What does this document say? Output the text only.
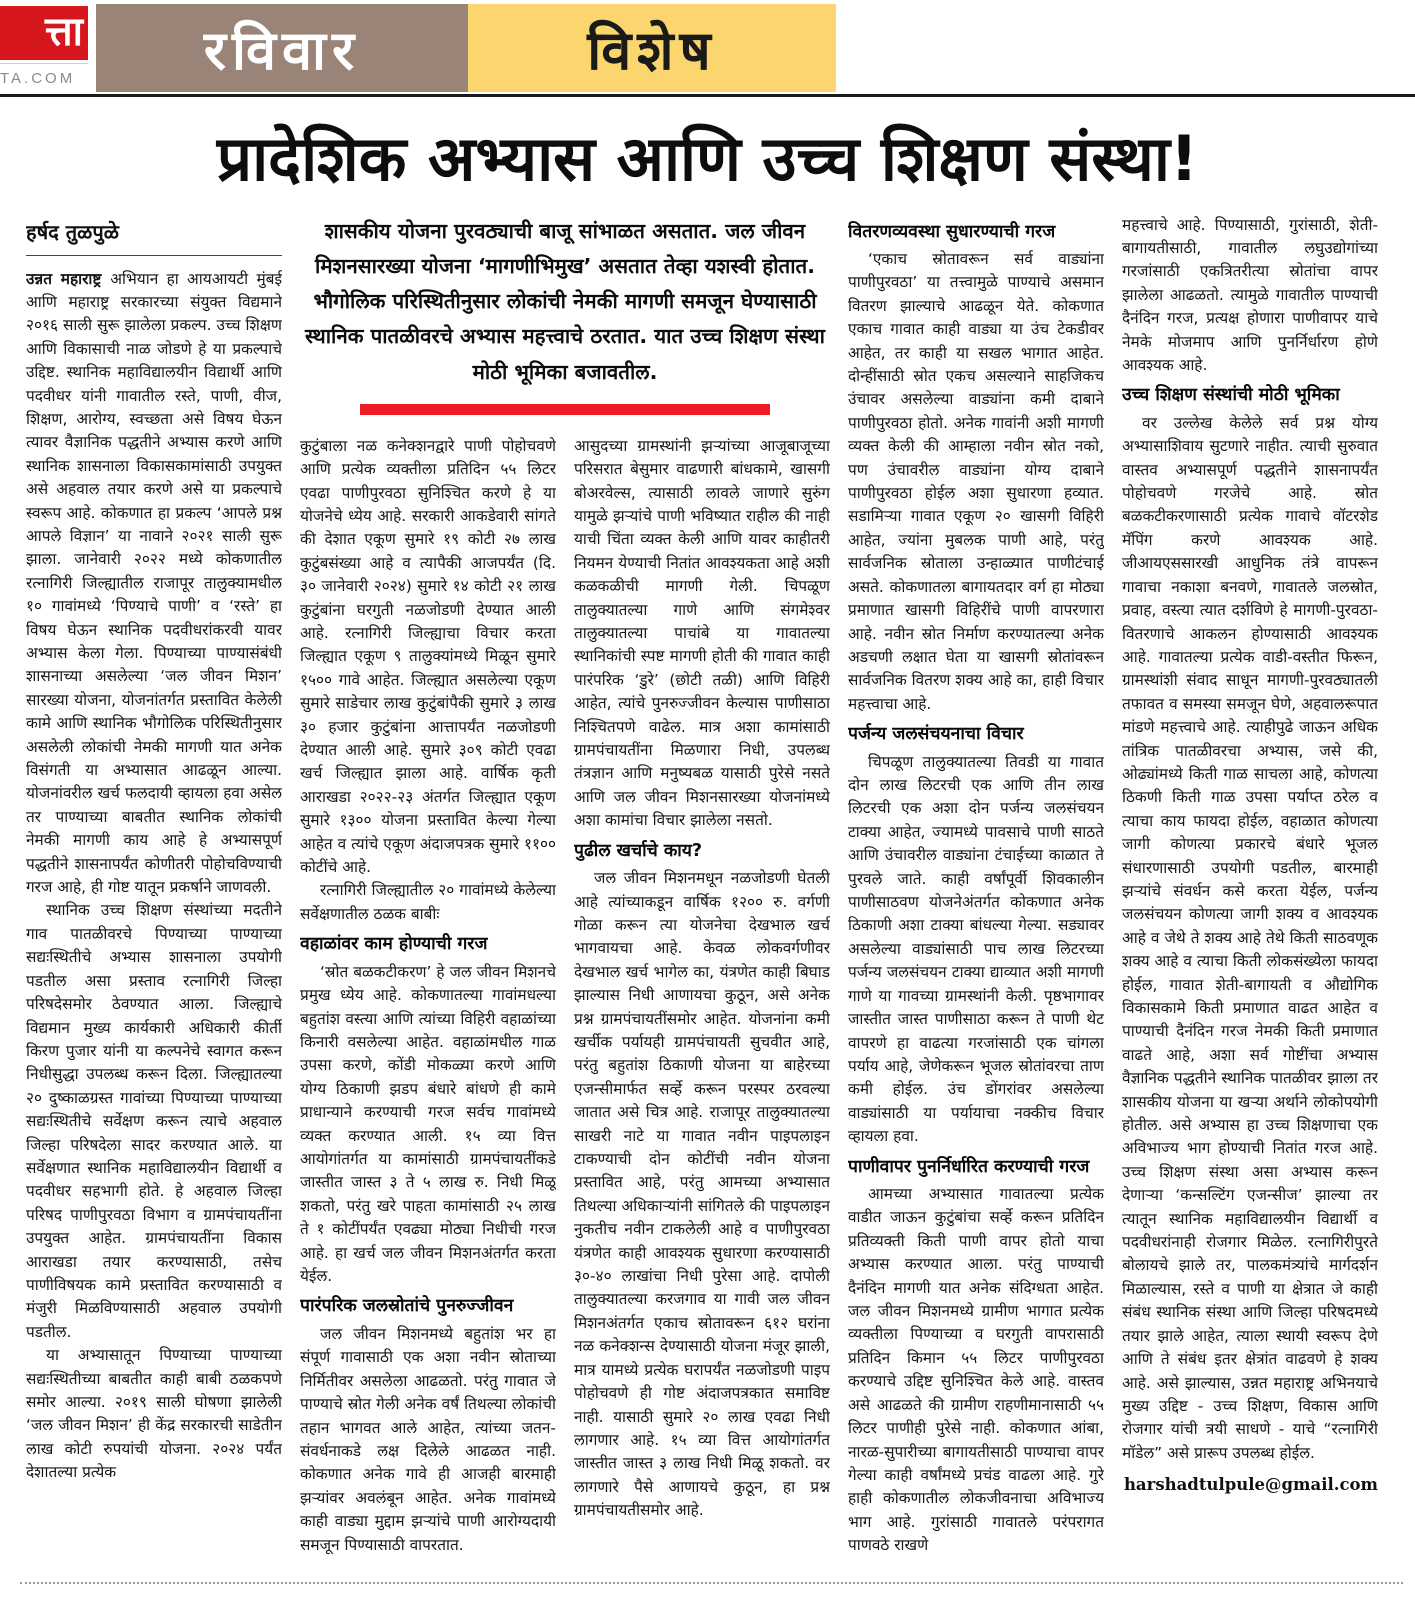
त्ता
TA.COM	रविवार	विशेष
प्रादेशिक अभ्यास आणि उच्च शिक्षण संस्था!
हर्षद तुळपुळे

उन्नत महाराष्ट्र अभियान हा आयआयटी मुंबई आणि महाराष्ट्र सरकारच्या संयुक्त विद्यमाने २०१६ साली सुरू झालेला प्रकल्प. उच्च शिक्षण आणि विकासाची नाळ जोडणे हे या प्रकल्पाचे उद्दिष्ट. स्थानिक महाविद्यालयीन विद्यार्थी आणि पदवीधर यांनी गावातील रस्ते, पाणी, वीज, शिक्षण, आरोग्य, स्वच्छता असे विषय घेऊन त्यावर वैज्ञानिक पद्धतीने अभ्यास करणे आणि स्थानिक शासनाला विकासकामांसाठी उपयुक्त असे अहवाल तयार करणे असे या प्रकल्पाचे स्वरूप आहे. कोकणात हा प्रकल्प ‘आपले प्रश्न आपले विज्ञान’ या नावाने २०२१ साली सुरू झाला. जानेवारी २०२२ मध्ये कोकणातील रत्नागिरी जिल्ह्यातील राजापूर तालुक्यामधील १० गावांमध्ये ‘पिण्याचे पाणी’ व ‘रस्ते’ हा विषय घेऊन स्थानिक पदवीधरांकरवी यावर अभ्यास केला गेला. पिण्याच्या पाण्यासंबंधी शासनाच्या असलेल्या ‘जल जीवन मिशन’ सारख्या योजना, योजनांतर्गत प्रस्तावित केलेली कामे आणि स्थानिक भौगोलिक परिस्थितीनुसार असलेली लोकांची नेमकी मागणी यात अनेक विसंगती या अभ्यासात आढळून आल्या. योजनांवरील खर्च फलदायी व्हायला हवा असेल तर पाण्याच्या बाबतीत स्थानिक लोकांची नेमकी मागणी काय आहे हे अभ्यासपूर्ण पद्धतीने शासनापर्यंत कोणीतरी पोहोचविण्याची गरज आहे, ही गोष्ट यातून प्रकर्षाने जाणवली.

स्थानिक उच्च शिक्षण संस्थांच्या मदतीने गाव पातळीवरचे पिण्याच्या पाण्याच्या सद्यःस्थितीचे अभ्यास शासनाला उपयोगी पडतील असा प्रस्ताव रत्नागिरी जिल्हा परिषदेसमोर ठेवण्यात आला. जिल्ह्याचे विद्यमान मुख्य कार्यकारी अधिकारी कीर्ती किरण पुजार यांनी या कल्पनेचे स्वागत करून निधीसुद्धा उपलब्ध करून दिला. जिल्ह्यातल्या २० दुष्काळग्रस्त गावांच्या पिण्याच्या पाण्याच्या सद्यःस्थितीचे सर्वेक्षण करून त्याचे अहवाल जिल्हा परिषदेला सादर करण्यात आले. या सर्वेक्षणात स्थानिक महाविद्यालयीन विद्यार्थी व पदवीधर सहभागी होते. हे अहवाल जिल्हा परिषद पाणीपुरवठा विभाग व ग्रामपंचायतींना उपयुक्त आहेत. ग्रामपंचायतींना विकास आराखडा तयार करण्यासाठी, तसेच पाणीविषयक कामे प्रस्तावित करण्यासाठी व मंजुरी मिळविण्यासाठी अहवाल उपयोगी पडतील.

या अभ्यासातून पिण्याच्या पाण्याच्या सद्यःस्थितीच्या बाबतीत काही बाबी ठळकपणे समोर आल्या. २०१९ साली घोषणा झालेली ‘जल जीवन मिशन’ ही केंद्र सरकारची साडेतीन लाख कोटी रुपयांची योजना. २०२४ पर्यंत देशातल्या प्रत्येक

शासकीय योजना पुरवठ्याची बाजू सांभाळत असतात. जल जीवन मिशनसारख्या योजना ‘मागणीभिमुख’ असतात तेव्हा यशस्वी होतात. भौगोलिक परिस्थितीनुसार लोकांची नेमकी मागणी समजून घेण्यासाठी स्थानिक पातळीवरचे अभ्यास महत्त्वाचे ठरतात. यात उच्च शिक्षण संस्था मोठी भूमिका बजावतील.

कुटुंबाला नळ कनेक्शनद्वारे पाणी पोहोचवणे आणि प्रत्येक व्यक्तीला प्रतिदिन ५५ लिटर एवढा पाणीपुरवठा सुनिश्चित करणे हे या योजनेचे ध्येय आहे. सरकारी आकडेवारी सांगते की देशात एकूण सुमारे १९ कोटी २७ लाख कुटुंबसंख्या आहे व त्यापैकी आजपर्यंत (दि. ३० जानेवारी २०२४) सुमारे १४ कोटी २१ लाख कुटुंबांना घरगुती नळजोडणी देण्यात आली आहे. रत्नागिरी जिल्ह्याचा विचार करता जिल्ह्यात एकूण ९ तालुक्यांमध्ये मिळून सुमारे १५०० गावे आहेत. जिल्ह्यात असलेल्या एकूण सुमारे साडेचार लाख कुटुंबांपैकी सुमारे ३ लाख ३० हजार कुटुंबांना आत्तापर्यंत नळजोडणी देण्यात आली आहे. सुमारे ३०९ कोटी एवढा खर्च जिल्ह्यात झाला आहे. वार्षिक कृती आराखडा २०२२-२३ अंतर्गत जिल्ह्यात एकूण सुमारे १३०० योजना प्रस्तावित केल्या गेल्या आहेत व त्यांचे एकूण अंदाजपत्रक सुमारे ११०० कोटींचे आहे.

रत्नागिरी जिल्ह्यातील २० गावांमध्ये केलेल्या सर्वेक्षणातील ठळक बाबीः

वहाळांवर काम होण्याची गरज

‘स्रोत बळकटीकरण’ हे जल जीवन मिशनचे प्रमुख ध्येय आहे. कोकणातल्या गावांमधल्या बहुतांश वस्त्या आणि त्यांच्या विहिरी वहाळांच्या किनारी वसलेल्या आहेत. वहाळांमधील गाळ उपसा करणे, कोंडी मोकळ्या करणे आणि योग्य ठिकाणी झडप बंधारे बांधणे ही कामे प्राधान्याने करण्याची गरज सर्वच गावांमध्ये व्यक्त करण्यात आली. १५ व्या वित्त आयोगांतर्गत या कामांसाठी ग्रामपंचायतींकडे जास्तीत जास्त ३ ते ५ लाख रु. निधी मिळू शकतो, परंतु खरे पाहता कामांसाठी २५ लाख ते १ कोटींपर्यंत एवढ्या मोठ्या निधीची गरज आहे. हा खर्च जल जीवन मिशनअंतर्गत करता येईल.

पारंपरिक जलस्रोतांचे पुनरुज्जीवन

जल जीवन मिशनमध्ये बहुतांश भर हा संपूर्ण गावासाठी एक अशा नवीन स्रोताच्या निर्मितीवर असलेला आढळतो. परंतु गावात जे पाण्याचे स्रोत गेली अनेक वर्षं तिथल्या लोकांची तहान भागवत आले आहेत, त्यांच्या जतन-संवर्धनाकडे लक्ष दिलेले आढळत नाही. कोकणात अनेक गावे ही आजही बारमाही झऱ्यांवर अवलंबून आहेत. अनेक गावांमध्ये काही वाड्या मुद्दाम झऱ्यांचे पाणी आरोग्यदायी समजून पिण्यासाठी वापरतात.

आसुदच्या ग्रामस्थांनी झऱ्यांच्या आजूबाजूच्या परिसरात बेसुमार वाढणारी बांधकामे, खासगी बोअरवेल्स, त्यासाठी लावले जाणारे सुरुंग यामुळे झऱ्यांचे पाणी भविष्यात राहील की नाही याची चिंता व्यक्त केली आणि यावर काहीतरी नियमन येण्याची नितांत आवश्यकता आहे अशी कळकळीची मागणी गेली. चिपळूण तालुक्यातल्या गाणे आणि संगमेश्वर तालुक्यातल्या पाचांबे या गावातल्या स्थानिकांची स्पष्ट मागणी होती की गावात काही पारंपरिक ‘डुरे’ (छोटी तळी) आणि विहिरी आहेत, त्यांचे पुनरुज्जीवन केल्यास पाणीसाठा निश्चितपणे वाढेल. मात्र अशा कामांसाठी ग्रामपंचायतींना मिळणारा निधी, उपलब्ध तंत्रज्ञान आणि मनुष्यबळ यासाठी पुरेसे नसते आणि जल जीवन मिशनसारख्या योजनांमध्ये अशा कामांचा विचार झालेला नसतो.

पुढील खर्चाचे काय?

जल जीवन मिशनमधून नळजोडणी घेतली आहे त्यांच्याकडून वार्षिक १२०० रु. वर्गणी गोळा करून त्या योजनेचा देखभाल खर्च भागवायचा आहे. केवळ लोकवर्गणीवर देखभाल खर्च भागेल का, यंत्रणेत काही बिघाड झाल्यास निधी आणायचा कुठून, असे अनेक प्रश्न ग्रामपंचायतींसमोर आहेत. योजनांना कमी खर्चीक पर्यायही ग्रामपंचायती सुचवीत आहे, परंतु बहुतांश ठिकाणी योजना या बाहेरच्या एजन्सीमार्फत सर्व्हे करून परस्पर ठरवल्या जातात असे चित्र आहे. राजापूर तालुक्यातल्या साखरी नाटे या गावात नवीन पाइपलाइन टाकण्याची दोन कोटींची नवीन योजना प्रस्तावित आहे, परंतु आमच्या अभ्यासात तिथल्या अधिकाऱ्यांनी सांगितले की पाइपलाइन नुकतीच नवीन टाकलेली आहे व पाणीपुरवठा यंत्रणेत काही आवश्यक सुधारणा करण्यासाठी ३०-४० लाखांचा निधी पुरेसा आहे. दापोली तालुक्यातल्या करजगाव या गावी जल जीवन मिशनअंतर्गत एकाच स्रोतावरून ६१२ घरांना नळ कनेक्शन्स देण्यासाठी योजना मंजूर झाली, मात्र यामध्ये प्रत्येक घरापर्यंत नळजोडणी पाइप पोहोचवणे ही गोष्ट अंदाजपत्रकात समाविष्ट नाही. यासाठी सुमारे २० लाख एवढा निधी लागणार आहे. १५ व्या वित्त आयोगांतर्गत जास्तीत जास्त ३ लाख निधी मिळू शकतो. वर लागणारे पैसे आणायचे कुठून, हा प्रश्न ग्रामपंचायतीसमोर आहे.

वितरणव्यवस्था सुधारण्याची गरज

‘एकाच स्रोतावरून सर्व वाड्यांना पाणीपुरवठा’ या तत्त्वामुळे पाण्याचे असमान वितरण झाल्याचे आढळून येते. कोकणात एकाच गावात काही वाड्या या उंच टेकडीवर आहेत, तर काही या सखल भागात आहेत. दोन्हींसाठी स्रोत एकच असल्याने साहजिकच उंचावर असलेल्या वाड्यांना कमी दाबाने पाणीपुरवठा होतो. अनेक गावांनी अशी मागणी व्यक्त केली की आम्हाला नवीन स्रोत नको, पण उंचावरील वाड्यांना योग्य दाबाने पाणीपुरवठा होईल अशा सुधारणा हव्यात. सडामिऱ्या गावात एकूण २० खासगी विहिरी आहेत, ज्यांना मुबलक पाणी आहे, परंतु सार्वजनिक स्रोताला उन्हाळ्यात पाणीटंचाई असते. कोकणातला बागायतदार वर्ग हा मोठ्या प्रमाणात खासगी विहिरींचे पाणी वापरणारा आहे. नवीन स्रोत निर्माण करण्यातल्या अनेक अडचणी लक्षात घेता या खासगी स्रोतांवरून सार्वजनिक वितरण शक्य आहे का, हाही विचार महत्त्वाचा आहे.

पर्जन्य जलसंचयनाचा विचार

चिपळूण तालुक्यातल्या तिवडी या गावात दोन लाख लिटरची एक आणि तीन लाख लिटरची एक अशा दोन पर्जन्य जलसंचयन टाक्या आहेत, ज्यामध्ये पावसाचे पाणी साठते आणि उंचावरील वाड्यांना टंचाईच्या काळात ते पुरवले जाते. काही वर्षांपूर्वी शिवकालीन पाणीसाठवण योजनेअंतर्गत कोकणात अनेक ठिकाणी अशा टाक्या बांधल्या गेल्या. सड्यावर असलेल्या वाड्यांसाठी पाच लाख लिटरच्या पर्जन्य जलसंचयन टाक्या द्याव्यात अशी मागणी गाणे या गावच्या ग्रामस्थांनी केली. पृष्ठभागावर जास्तीत जास्त पाणीसाठा करून ते पाणी थेट वापरणे हा वाढत्या गरजांसाठी एक चांगला पर्याय आहे, जेणेकरून भूजल स्रोतांवरचा ताण कमी होईल. उंच डोंगरांवर असलेल्या वाड्यांसाठी या पर्यायाचा नक्कीच विचार व्हायला हवा.

पाणीवापर पुनर्निर्धारित करण्याची गरज

आमच्या अभ्यासात गावातल्या प्रत्येक वाडीत जाऊन कुटुंबांचा सर्व्हे करून प्रतिदिन प्रतिव्यक्ती किती पाणी वापर होतो याचा अभ्यास करण्यात आला. परंतु पाण्याची दैनंदिन मागणी यात अनेक संदिग्धता आहेत. जल जीवन मिशनमध्ये ग्रामीण भागात प्रत्येक व्यक्तीला पिण्याच्या व घरगुती वापरासाठी प्रतिदिन किमान ५५ लिटर पाणीपुरवठा करण्याचे उद्दिष्ट सुनिश्चित केले आहे. वास्तव असे आढळते की ग्रामीण राहणीमानासाठी ५५ लिटर पाणीही पुरेसे नाही. कोकणात आंबा, नारळ-सुपारीच्या बागायतीसाठी पाण्याचा वापर गेल्या काही वर्षांमध्ये प्रचंड वाढला आहे. गुरे हाही कोकणातील लोकजीवनाचा अविभाज्य भाग आहे. गुरांसाठी गावातले परंपरागत पाणवठे राखणे

महत्त्वाचे आहे. पिण्यासाठी, गुरांसाठी, शेती-बागायतीसाठी, गावातील लघुउद्योगांच्या गरजांसाठी एकत्रितरीत्या स्रोतांचा वापर झालेला आढळतो. त्यामुळे गावातील पाण्याची दैनंदिन गरज, प्रत्यक्ष होणारा पाणीवापर याचे नेमके मोजमाप आणि पुनर्निर्धारण होणे आवश्यक आहे.

उच्च शिक्षण संस्थांची मोठी भूमिका

वर उल्लेख केलेले सर्व प्रश्न योग्य अभ्यासाशिवाय सुटणारे नाहीत. त्याची सुरुवात वास्तव अभ्यासपूर्ण पद्धतीने शासनापर्यंत पोहोचवणे गरजेचे आहे. स्रोत बळकटीकरणासाठी प्रत्येक गावाचे वॉटरशेड मॅपिंग करणे आवश्यक आहे. जीआयएससारखी आधुनिक तंत्रे वापरून गावाचा नकाशा बनवणे, गावातले जलस्रोत, प्रवाह, वस्त्या त्यात दर्शविणे हे मागणी-पुरवठा-वितरणाचे आकलन होण्यासाठी आवश्यक आहे. गावातल्या प्रत्येक वाडी-वस्तीत फिरून, ग्रामस्थांशी संवाद साधून मागणी-पुरवठ्यातली तफावत व समस्या समजून घेणे, अहवालरूपात मांडणे महत्त्वाचे आहे. त्याहीपुढे जाऊन अधिक तांत्रिक पातळीवरचा अभ्यास, जसे की, ओढ्यांमध्ये किती गाळ साचला आहे, कोणत्या ठिकणी किती गाळ उपसा पर्याप्त ठरेल व त्याचा काय फायदा होईल, वहाळात कोणत्या जागी कोणत्या प्रकारचे बंधारे भूजल संधारणासाठी उपयोगी पडतील, बारमाही झऱ्यांचे संवर्धन कसे करता येईल, पर्जन्य जलसंचयन कोणत्या जागी शक्य व आवश्यक आहे व जेथे ते शक्य आहे तेथे किती साठवणूक शक्य आहे व त्याचा किती लोकसंख्येला फायदा होईल, गावात शेती-बागायती व औद्योगिक विकासकामे किती प्रमाणात वाढत आहेत व पाण्याची दैनंदिन गरज नेमकी किती प्रमाणात वाढते आहे, अशा सर्व गोष्टींचा अभ्यास वैज्ञानिक पद्धतीने स्थानिक पातळीवर झाला तर शासकीय योजना या खऱ्या अर्थाने लोकोपयोगी होतील. असे अभ्यास हा उच्च शिक्षणाचा एक अविभाज्य भाग होण्याची नितांत गरज आहे. उच्च शिक्षण संस्था असा अभ्यास करून देणाऱ्या ‘कन्सल्टिंग एजन्सीज’ झाल्या तर त्यातून स्थानिक महाविद्यालयीन विद्यार्थी व पदवीधरांनाही रोजगार मिळेल. रत्नागिरीपुरते बोलायचे झाले तर, पालकमंत्र्यांचे मार्गदर्शन मिळाल्यास, रस्ते व पाणी या क्षेत्रात जे काही संबंध स्थानिक संस्था आणि जिल्हा परिषदमध्ये तयार झाले आहेत, त्याला स्थायी स्वरूप देणे आणि ते संबंध इतर क्षेत्रांत वाढवणे हे शक्य आहे. असे झाल्यास, उन्नत महाराष्ट्र अभिनयाचे मुख्य उद्दिष्ट - उच्च शिक्षण, विकास आणि रोजगार यांची त्रयी साधणे - याचे “रत्नागिरी मॉडेल” असे प्रारूप उपलब्ध होईल.

harshadtulpule@gmail.com
